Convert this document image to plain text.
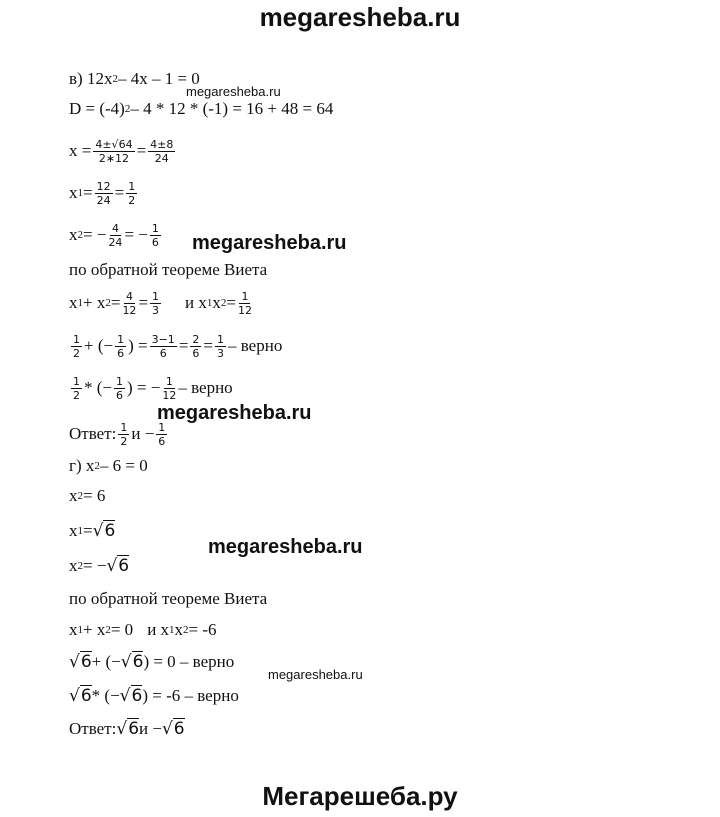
megaresheba.ru
в) 12x 2 – 4x – 1 = 0
D = (-4) 2 – 4 * 12 * (-1) = 16 + 48 = 64
$x = \frac{4\pm√64}{2∗12} = \frac{4\pm 8}{24}$
x $1 = \frac{12}{24} = \frac{1}{2}$
x 2 = − $\frac{4}{24}$ = − $\frac{1}{6}$ megaresheba.ru
по обратной теореме Виета
x 1 + x $2 = \frac{4}{12} = \frac{1}{3}$ и x 1 x $2 = \frac{1}{12}$
$\frac{1}{2}$ + (− $\frac{1}{6}$ ) = $\frac{3-1}{6} = \frac{2}{6} = \frac{1}{3}$ – верно
$\frac{1}{2}$ * (− $\frac{1}{6}$ ) = − $\frac{1}{12}$ – верно
megaresheba.ru
Ответ: $\frac{1}{2}$ $и - \frac{1}{6}$
г) x 2 – 6 = 0
x 2 = 6
x 1 = √6
megaresheba.ru
x 2 = − √6
по обратной теореме Виета
x 1 + x 2 = 0 и x 1 x 2 = -6
√6 + (− √6 ) = 0 – верно
megaresheba.ru
√6 * (− √6 ) = -6 – верно
Ответ: √6 и − √6
megaresheba.ru
Мегарешеба.ру
